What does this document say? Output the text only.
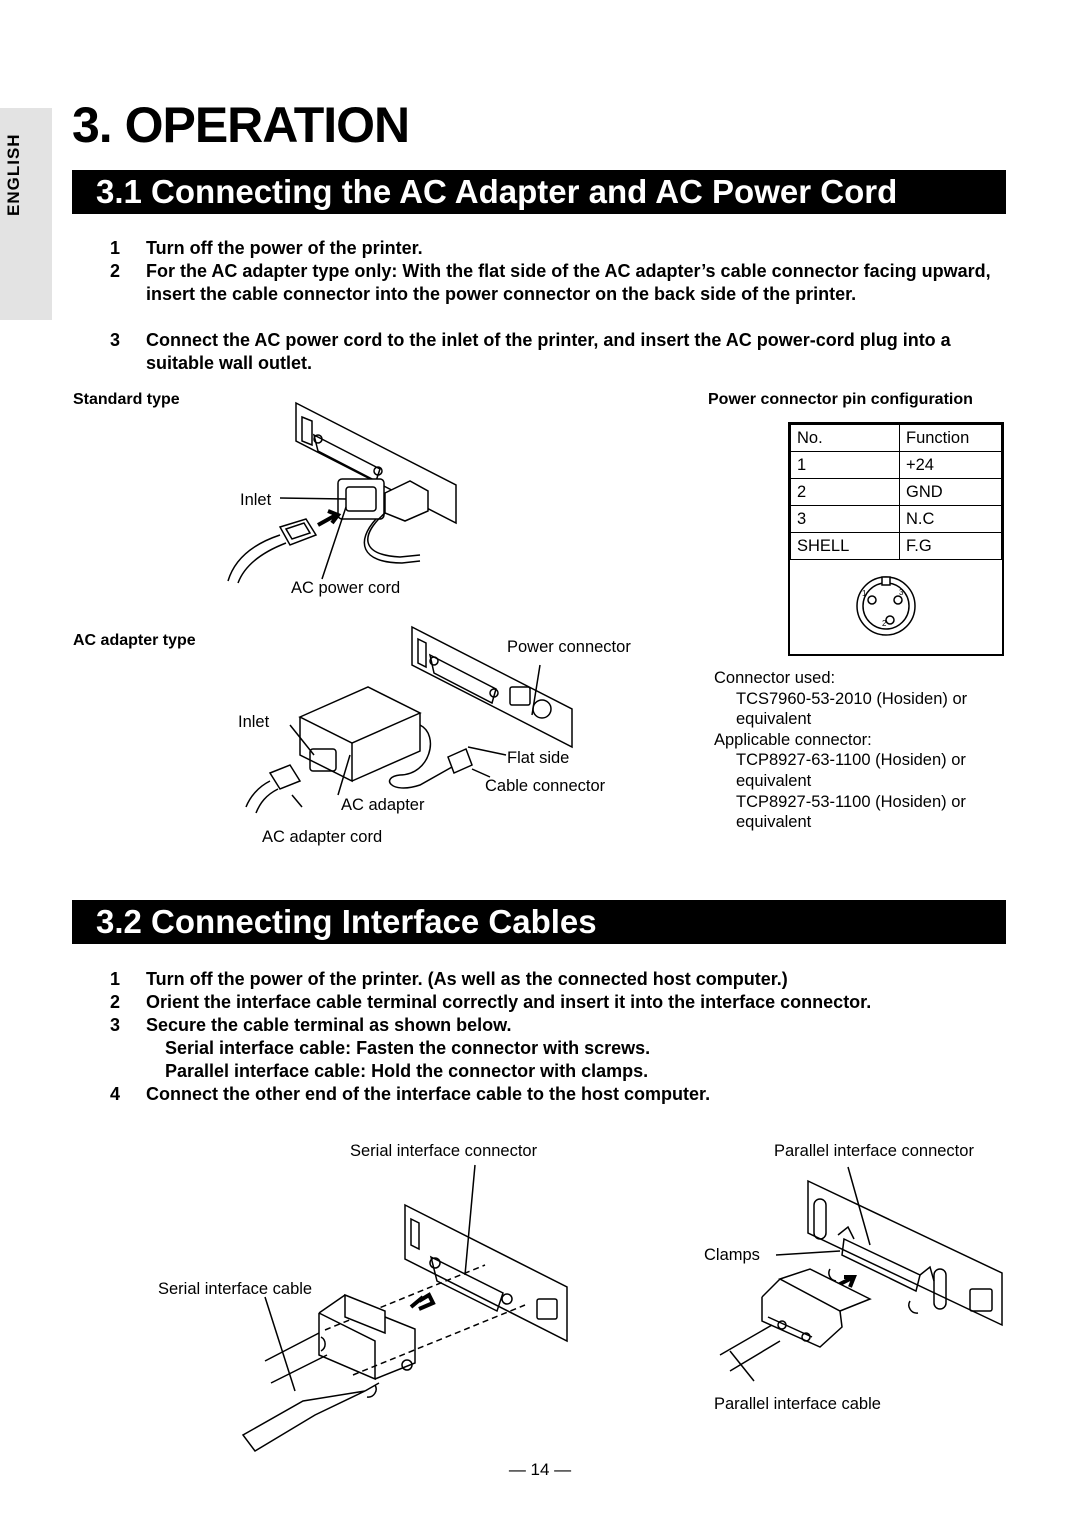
ENGLISH
3. OPERATION
3.1 Connecting the AC Adapter and AC Power Cord
1 Turn off the power of the printer.
2 For the AC adapter type only: With the flat side of the AC adapter’s cable connector facing upward, insert the cable connector into the power connector on the back side of the printer.
3 Connect the AC power cord to the inlet of the printer, and insert the AC power-cord plug into a suitable wall outlet.
Standard type
Inlet
AC power cord
AC adapter type	Power connector
Inlet
Flat side
Cable connector
AC adapter
AC adapter cord
Power connector pin configuration
No.	Function
1	+24
2	GND
3	N.C
SHELL	F.G
1
2
3
Connector used:
TCS7960-53-2010 (Hosiden) or
equivalent
Applicable connector:
TCP8927-63-1100 (Hosiden) or
equivalent
TCP8927-53-1100 (Hosiden) or
equivalent
3.2 Connecting Interface Cables
1 Turn off the power of the printer. (As well as the connected host computer.)
2 Orient the interface cable terminal correctly and insert it into the interface connector.
3 Secure the cable terminal as shown below.
Serial interface cable: Fasten the connector with screws.
Parallel interface cable: Hold the connector with clamps.
4 Connect the other end of the interface cable to the host computer.
Serial interface connector
Serial interface cable
Parallel interface connector
Clamps
Parallel interface cable
— 14 —
